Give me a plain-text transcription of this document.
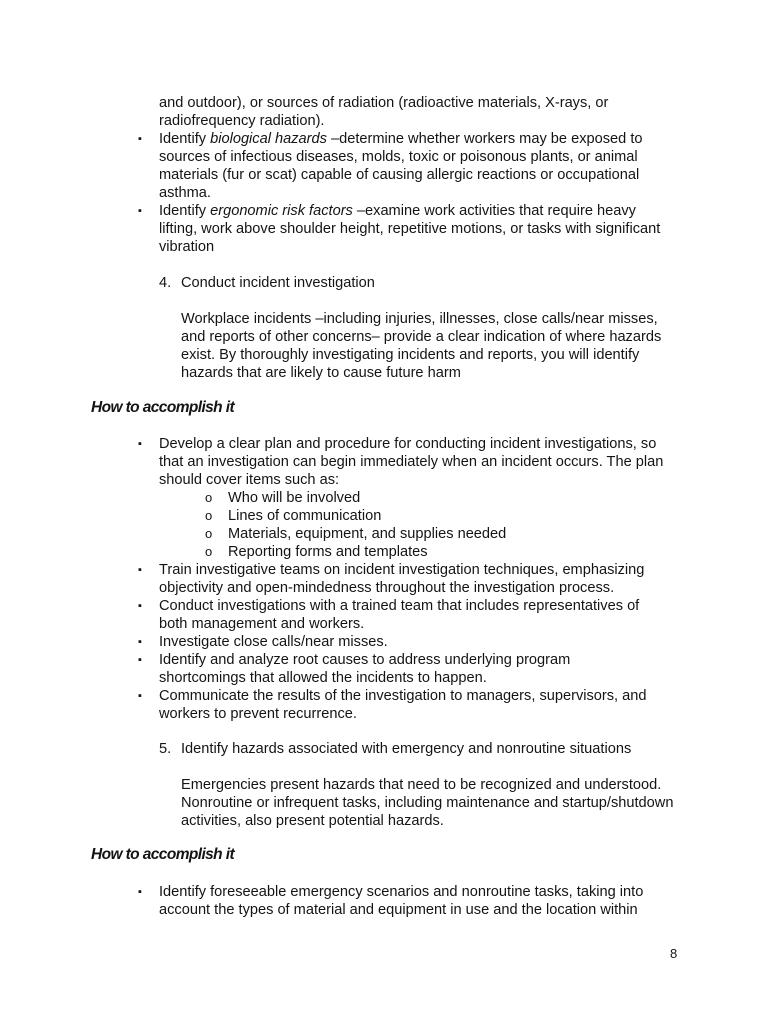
and outdoor), or sources of radiation (radioactive materials, X-rays, or radiofrequency radiation).

▪ Identify biological hazards –determine whether workers may be exposed to sources of infectious diseases, molds, toxic or poisonous plants, or animal materials (fur or scat) capable of causing allergic reactions or occupational asthma.

▪ Identify ergonomic risk factors –examine work activities that require heavy lifting, work above shoulder height, repetitive motions, or tasks with significant vibration

4. Conduct incident investigation

Workplace incidents –including injuries, illnesses, close calls/near misses, and reports of other concerns– provide a clear indication of where hazards exist. By thoroughly investigating incidents and reports, you will identify hazards that are likely to cause future harm

How to accomplish it
▪ Develop a clear plan and procedure for conducting incident investigations, so that an investigation can begin immediately when an incident occurs. The plan should cover items such as:

o Who will be involved

o Lines of communication

o Materials, equipment, and supplies needed

o Reporting forms and templates

▪ Train investigative teams on incident investigation techniques, emphasizing objectivity and open-mindedness throughout the investigation process.

▪ Conduct investigations with a trained team that includes representatives of both management and workers.

▪ Investigate close calls/near misses.

▪ Identify and analyze root causes to address underlying program shortcomings that allowed the incidents to happen.

▪ Communicate the results of the investigation to managers, supervisors, and workers to prevent recurrence.

5. Identify hazards associated with emergency and nonroutine situations

Emergencies present hazards that need to be recognized and understood. Nonroutine or infrequent tasks, including maintenance and startup/shutdown activities, also present potential hazards.

How to accomplish it
▪ Identify foreseeable emergency scenarios and nonroutine tasks, taking into account the types of material and equipment in use and the location within

8
